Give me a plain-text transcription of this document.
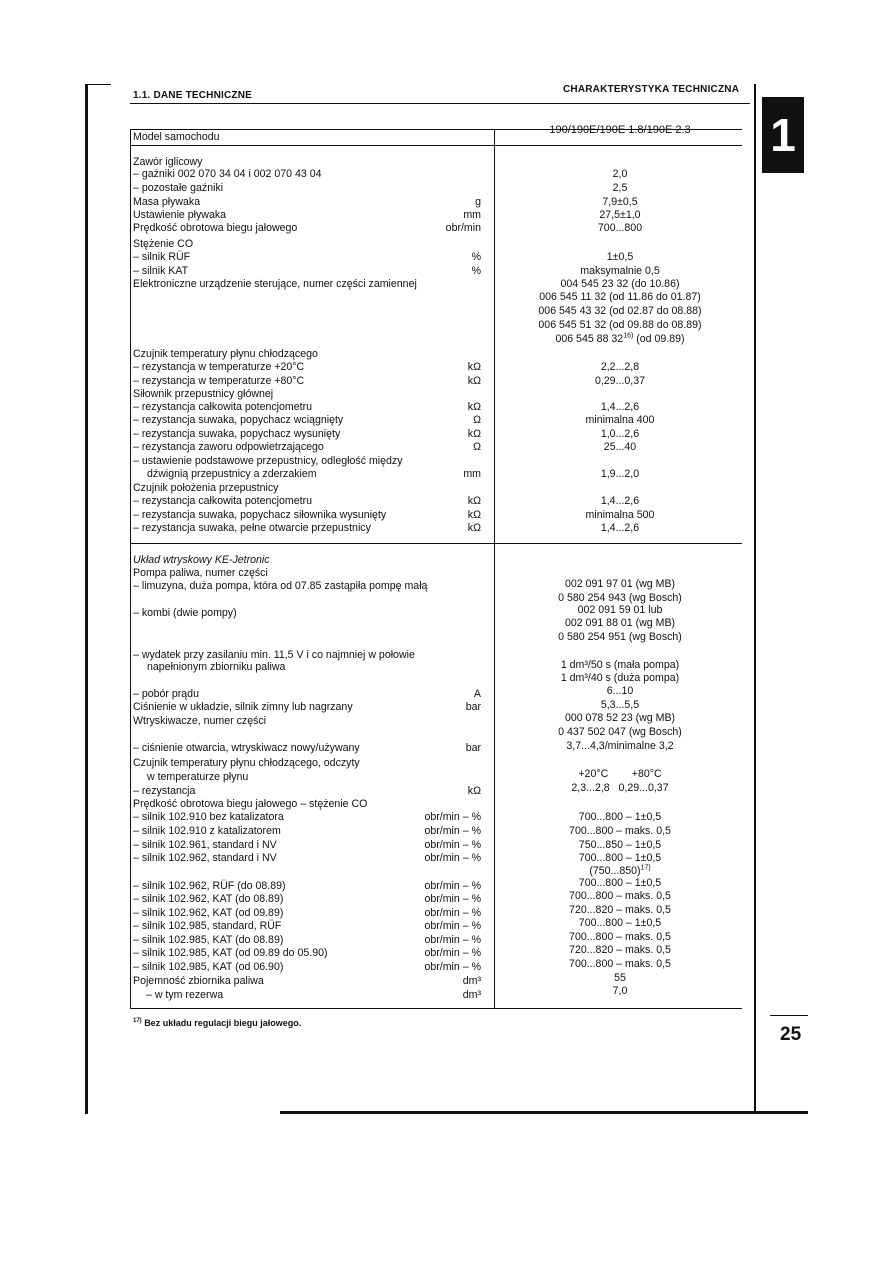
1.1. DANE TECHNICZNE
CHARAKTERYSTYKA TECHNICZNA
1
Model samochodu
190/190E/190E 1.8/190E 2.3
Zawór iglicowy
– gaźniki 002 070 34 04 i 002 070 43 04	2,0
– pozostałe gaźniki	2,5
Masa pływaka	g	7,9±0,5
Ustawienie pływaka	mm	27,5±1,0
Prędkość obrotowa biegu jałowego	obr/min	700...800
Stężenie CO
– silnik RÜF	%	1±0,5
– silnik KAT	%	maksymalnie 0,5
Elektroniczne urządzenie sterujące, numer części zamiennej	004 545 23 32 (do 10.86)
006 545 11 32 (od 11.86 do 01.87)
006 545 43 32 (od 02.87 do 08.88)
006 545 51 32 (od 09.88 do 08.89)
006 545 88 32$^{16)}$ (od 09.89)
Czujnik temperatury płynu chłodzącego
– rezystancja w temperaturze +20°C	kΩ	2,2...2,8
– rezystancja w temperaturze +80°C	kΩ	0,29...0,37
Siłownik przepustnicy głównej
– rezystancja całkowita potencjometru	kΩ	1,4...2,6
– rezystancja suwaka, popychacz wciągnięty	Ω	minimalna 400
– rezystancja suwaka, popychacz wysunięty	kΩ	1,0...2,6
– rezystancja zaworu odpowietrzającego	Ω	25...40
– ustawienie podstawowe przepustnicy, odległość między
dźwignią przepustnicy a zderzakiem	mm	1,9...2,0
Czujnik położenia przepustnicy
– rezystancja całkowita potencjometru	kΩ	1,4...2,6
– rezystancja suwaka, popychacz siłownika wysunięty	kΩ	minimalna 500
– rezystancja suwaka, pełne otwarcie przepustnicy	kΩ	1,4...2,6
Układ wtryskowy KE-Jetronic
Pompa paliwa, numer części
– limuzyna, duża pompa, która od 07.85 zastąpiła pompę małą	002 091 97 01 (wg MB)
0 580 254 943 (wg Bosch)
– kombi (dwie pompy)	002 091 59 01 lub
002 091 88 01 (wg MB)
0 580 254 951 (wg Bosch)
– wydatek przy zasilaniu min. 11,5 V i co najmniej w połowie
napełnionym zbiorniku paliwa	1 dm³/50 s (mała pompa)
1 dm³/40 s (duża pompa)
– pobór prądu	A	6...10
Ciśnienie w układzie, silnik zimny lub nagrzany	bar	5,3...5,5
Wtryskiwacze, numer części	000 078 52 23 (wg MB)
0 437 502 047 (wg Bosch)
– ciśnienie otwarcia, wtryskiwacz nowy/używany	bar	3,7...4,3/minimalne 3,2
Czujnik temperatury płynu chłodzącego, odczyty
w temperaturze płynu	+20°C        +80°C
– rezystancja	kΩ	2,3...2,8   0,29...0,37
Prędkość obrotowa biegu jałowego – stężenie CO
– silnik 102.910 bez katalizatora	obr/min – %	700...800 – 1±0,5
– silnik 102.910 z katalizatorem	obr/min – %	700...800 – maks. 0,5
– silnik 102.961, standard i NV	obr/min – %	750...850 – 1±0,5
– silnik 102.962, standard i NV	obr/min – %	700...800 – 1±0,5
$(750...850)^{17)}$
– silnik 102.962, RÜF (do 08.89)	obr/min – %	700...800 – 1±0,5
– silnik 102.962, KAT (do 08.89)	obr/min – %	700...800 – maks. 0,5
– silnik 102.962, KAT (od 09.89)	obr/min – %	720...820 – maks. 0,5
– silnik 102.985, standard, RÜF	obr/min – %	700...800 – 1±0,5
– silnik 102.985, KAT (do 08.89)	obr/min – %	700...800 – maks. 0,5
– silnik 102.985, KAT (od 09.89 do 05.90)	obr/min – %	720...820 – maks. 0,5
– silnik 102.985, KAT (od 06.90)	obr/min – %	700...800 – maks. 0,5
Pojemność zbiornika paliwa	dm³	55
– w tym rezerwa	dm³	7,0
$^{17)}$ Bez układu regulacji biegu jałowego.
25
